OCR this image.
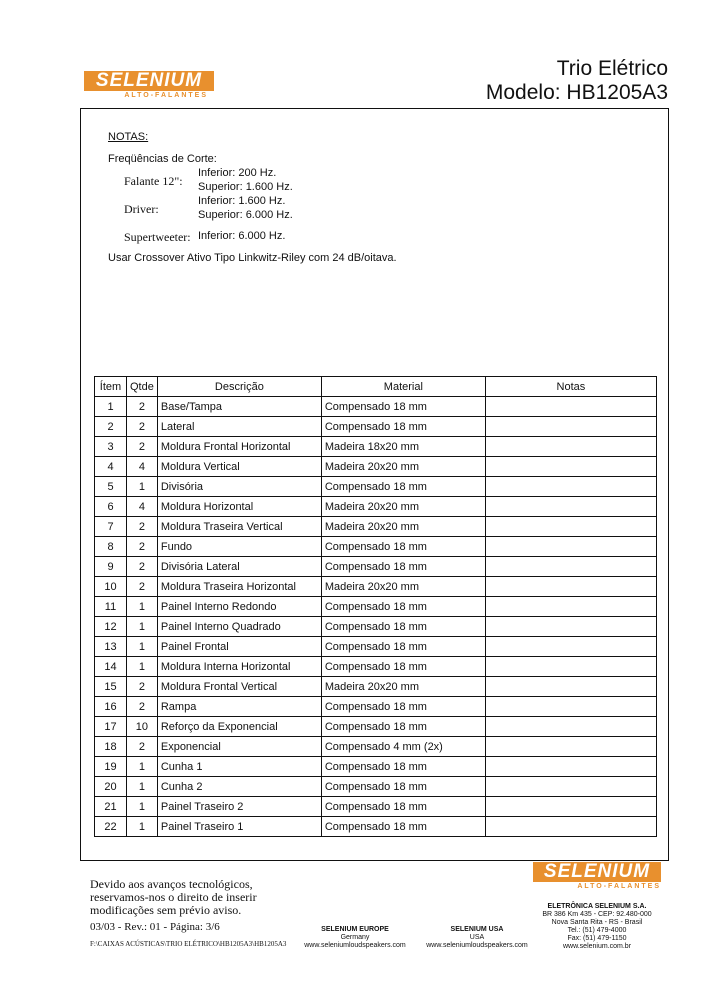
SELENIUM
ALTO-FALANTES
Trio Elétrico
Modelo: HB1205A3
NOTAS:
Freqüências de Corte:
Falante 12":
Inferior: 200 Hz.
Superior: 1.600 Hz.
Driver:
Inferior: 1.600 Hz.
Superior: 6.000 Hz.
Supertweeter: Inferior: 6.000 Hz.
Usar Crossover Ativo Tipo Linkwitz-Riley com 24 dB/oitava.
Ítem	Qtde	Descrição	Material	Notas
1	2	Base/Tampa	Compensado 18 mm	
2	2	Lateral	Compensado 18 mm	
3	2	Moldura Frontal Horizontal	Madeira 18x20 mm	
4	4	Moldura Vertical	Madeira 20x20 mm	
5	1	Divisória	Compensado 18 mm	
6	4	Moldura Horizontal	Madeira 20x20 mm	
7	2	Moldura Traseira Vertical	Madeira 20x20 mm	
8	2	Fundo	Compensado 18 mm	
9	2	Divisória Lateral	Compensado 18 mm	
10	2	Moldura Traseira Horizontal	Madeira 20x20 mm	
11	1	Painel Interno Redondo	Compensado 18 mm	
12	1	Painel Interno Quadrado	Compensado 18 mm	
13	1	Painel Frontal	Compensado 18 mm	
14	1	Moldura Interna Horizontal	Compensado 18 mm	
15	2	Moldura Frontal Vertical	Madeira 20x20 mm	
16	2	Rampa	Compensado 18 mm	
17	10	Reforço da Exponencial	Compensado 18 mm	
18	2	Exponencial	Compensado 4 mm (2x)	
19	1	Cunha 1	Compensado 18 mm	
20	1	Cunha 2	Compensado 18 mm	
21	1	Painel Traseiro 2	Compensado 18 mm	
22	1	Painel Traseiro 1	Compensado 18 mm	
Devido aos avanços tecnológicos,
reservamos-nos o direito de inserir
modificações sem prévio aviso.
03/03 - Rev.: 01 - Página: 3/6
F:\CAIXAS ACÚSTICAS\TRIO ELÉTRICO\HB1205A3\HB1205A3
SELENIUM EUROPE
Germany
www.seleniumloudspeakers.com
SELENIUM USA
USA
www.seleniumloudspeakers.com
SELENIUM
ALTO-FALANTES
ELETRÔNICA SELENIUM S.A.
BR 386 Km 435 - CEP: 92.480-000
Nova Santa Rita - RS - Brasil
Tel.: (51) 479-4000
Fax: (51) 479-1150
www.selenium.com.br
